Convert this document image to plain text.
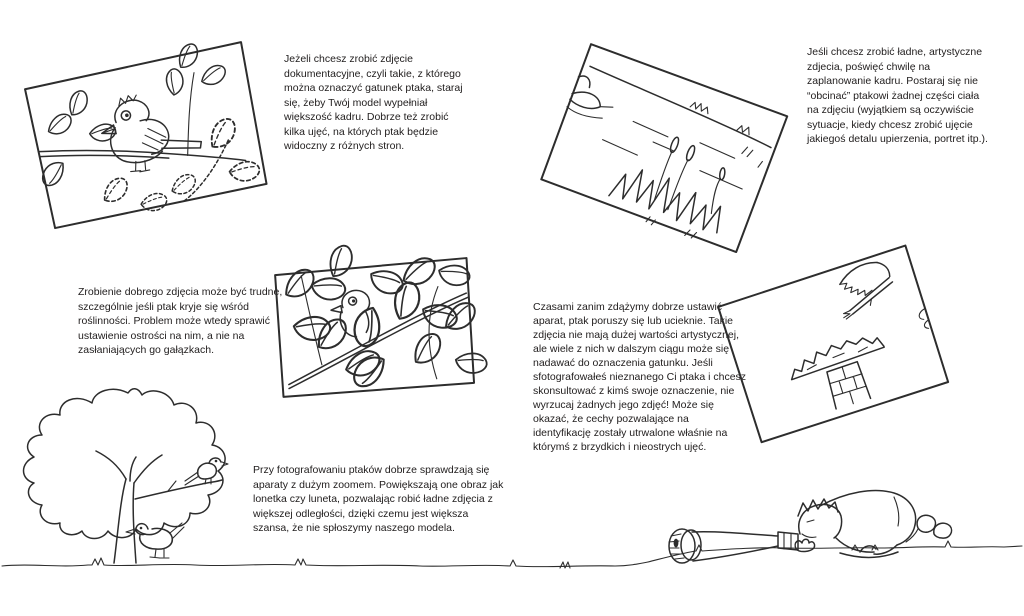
Jeżeli chcesz zrobić zdjęcie
dokumentacyjne, czyli takie, z którego
można oznaczyć gatunek ptaka, staraj
się, żeby Twój model wypełniał
większość kadru. Dobrze też zrobić
kilka ujęć, na których ptak będzie
widoczny z różnych stron.
Jeśli chcesz zrobić ładne, artystyczne
zdjecia, poświęć chwilę na
zaplanowanie kadru. Postaraj się nie
“obcinać” ptakowi żadnej części ciała
na zdjęciu (wyjątkiem są oczywiście
sytuacje, kiedy chcesz zrobić ujęcie
jakiegoś detalu upierzenia, portret itp.).
Zrobienie dobrego zdjęcia może być trudne,
szczególnie jeśli ptak kryje się wśród
roślinności. Problem może wtedy sprawić
ustawienie ostrości na nim, a nie na
zasłaniających go gałązkach.
Czasami zanim zdążymy dobrze ustawić
aparat, ptak poruszy się lub ucieknie. Takie
zdjęcia nie mają dużej wartości artystycznej,
ale wiele z nich w dalszym ciągu może się
nadawać do oznaczenia gatunku. Jeśli
sfotografowałeś nieznanego Ci ptaka i chcesz
skonsultować z kimś swoje oznaczenie, nie
wyrzucaj żadnych jego zdjęć! Może się
okazać, że cechy pozwalające na
identyfikację zostały utrwalone właśnie na
którymś z brzydkich i nieostrych ujęć.
Przy fotografowaniu ptaków dobrze sprawdzają się
aparaty z dużym zoomem. Powiększają one obraz jak
lonetka czy luneta, pozwalając robić ładne zdjęcia z
większej odległości, dzięki czemu jest większa
szansa, że nie spłoszymy naszego modela.
